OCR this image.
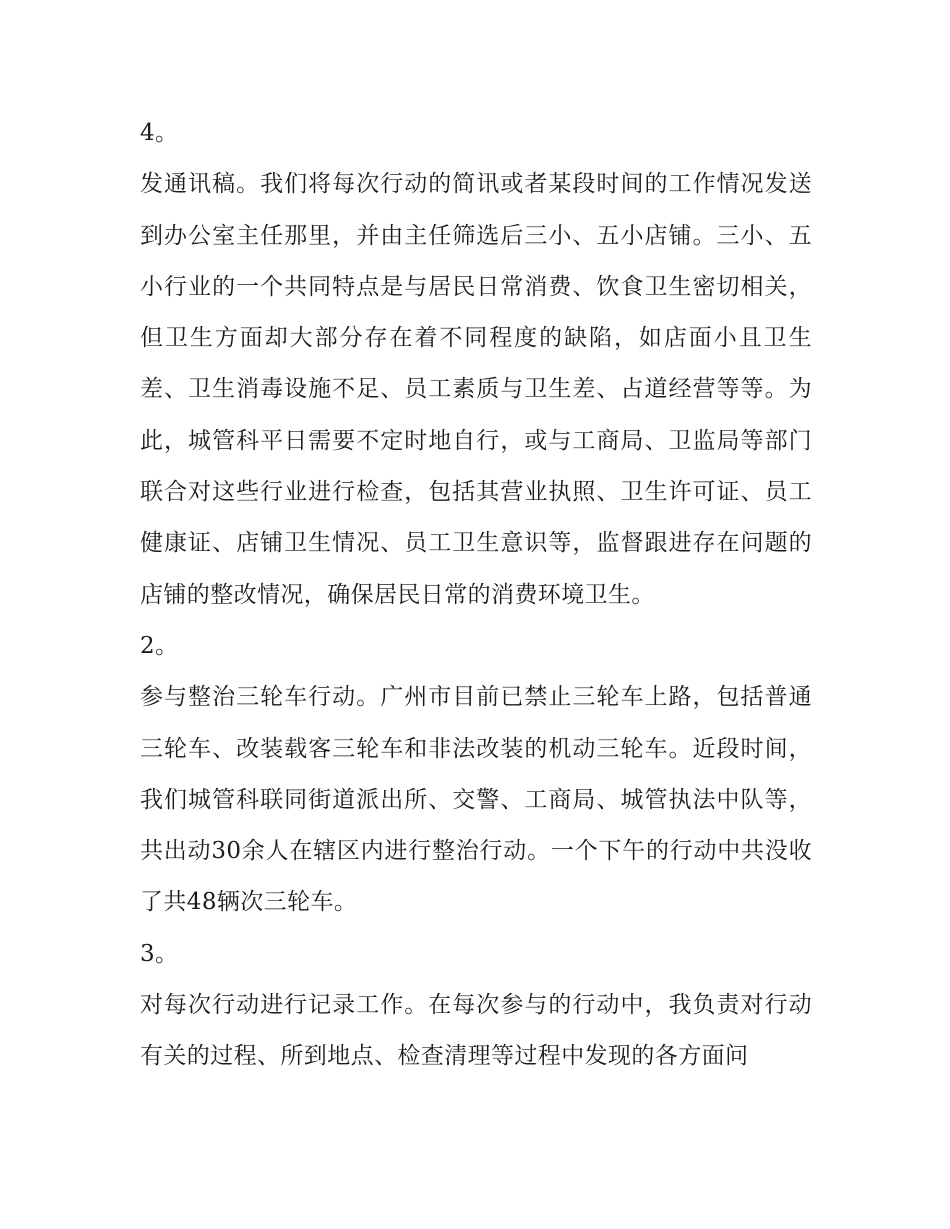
4。

发通讯稿。我们将每次行动的简讯或者某段时间的工作情况发送到办公室主任那里，并由主任筛选后三小、五小店铺。三小、五小行业的一个共同特点是与居民日常消费、饮食卫生密切相关，但卫生方面却大部分存在着不同程度的缺陷，如店面小且卫生差、卫生消毒设施不足、员工素质与卫生差、占道经营等等。为此，城管科平日需要不定时地自行，或与工商局、卫监局等部门联合对这些行业进行检查，包括其营业执照、卫生许可证、员工健康证、店铺卫生情况、员工卫生意识等，监督跟进存在问题的店铺的整改情况，确保居民日常的消费环境卫生。

2。

参与整治三轮车行动。广州市目前已禁止三轮车上路，包括普通三轮车、改装载客三轮车和非法改装的机动三轮车。近段时间，我们城管科联同街道派出所、交警、工商局、城管执法中队等，共出动30余人在辖区内进行整治行动。一个下午的行动中共没收了共48辆次三轮车。

3。

对每次行动进行记录工作。在每次参与的行动中，我负责对行动有关的过程、所到地点、检查清理等过程中发现的各方面问
